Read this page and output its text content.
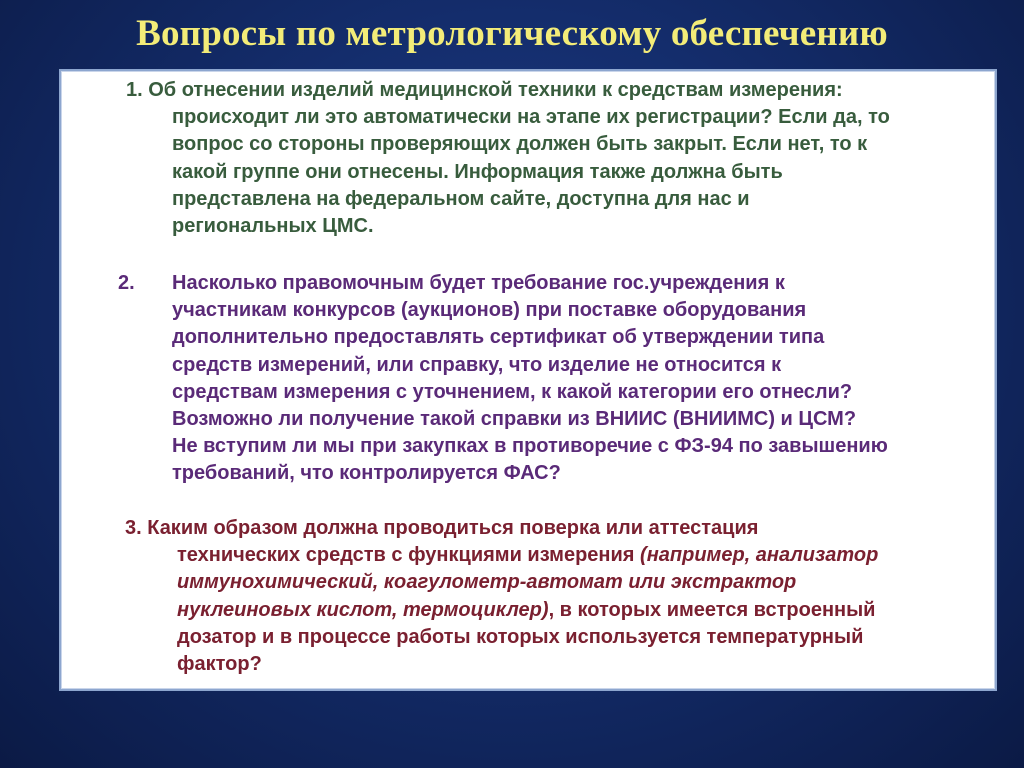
Вопросы по метрологическому обеспечению
1. Об отнесении изделий медицинской техники к средствам измерения:
происходит ли это автоматически на этапе их регистрации? Если да, то
вопрос со стороны проверяющих должен быть закрыт. Если нет, то к
какой группе они отнесены. Информация также должна быть
представлена на федеральном сайте, доступна для нас и
региональных ЦМС.
2. Насколько правомочным будет требование гос.учреждения к
участникам конкурсов (аукционов) при поставке оборудования
дополнительно предоставлять сертификат об утверждении типа
средств измерений, или справку, что изделие не относится к
средствам измерения с уточнением, к какой категории его отнесли?
Возможно ли получение такой справки из ВНИИС (ВНИИМС) и ЦСМ?
Не вступим ли мы при закупках в противоречие с ФЗ-94 по завышению
требований, что контролируется ФАС?
3. Каким образом должна проводиться поверка или аттестация
технических средств с функциями измерения (например, анализатор
иммунохимический, коагулометр-автомат или экстрактор
нуклеиновых кислот, термоциклер), в которых имеется встроенный
дозатор и в процессе работы которых используется температурный
фактор?
